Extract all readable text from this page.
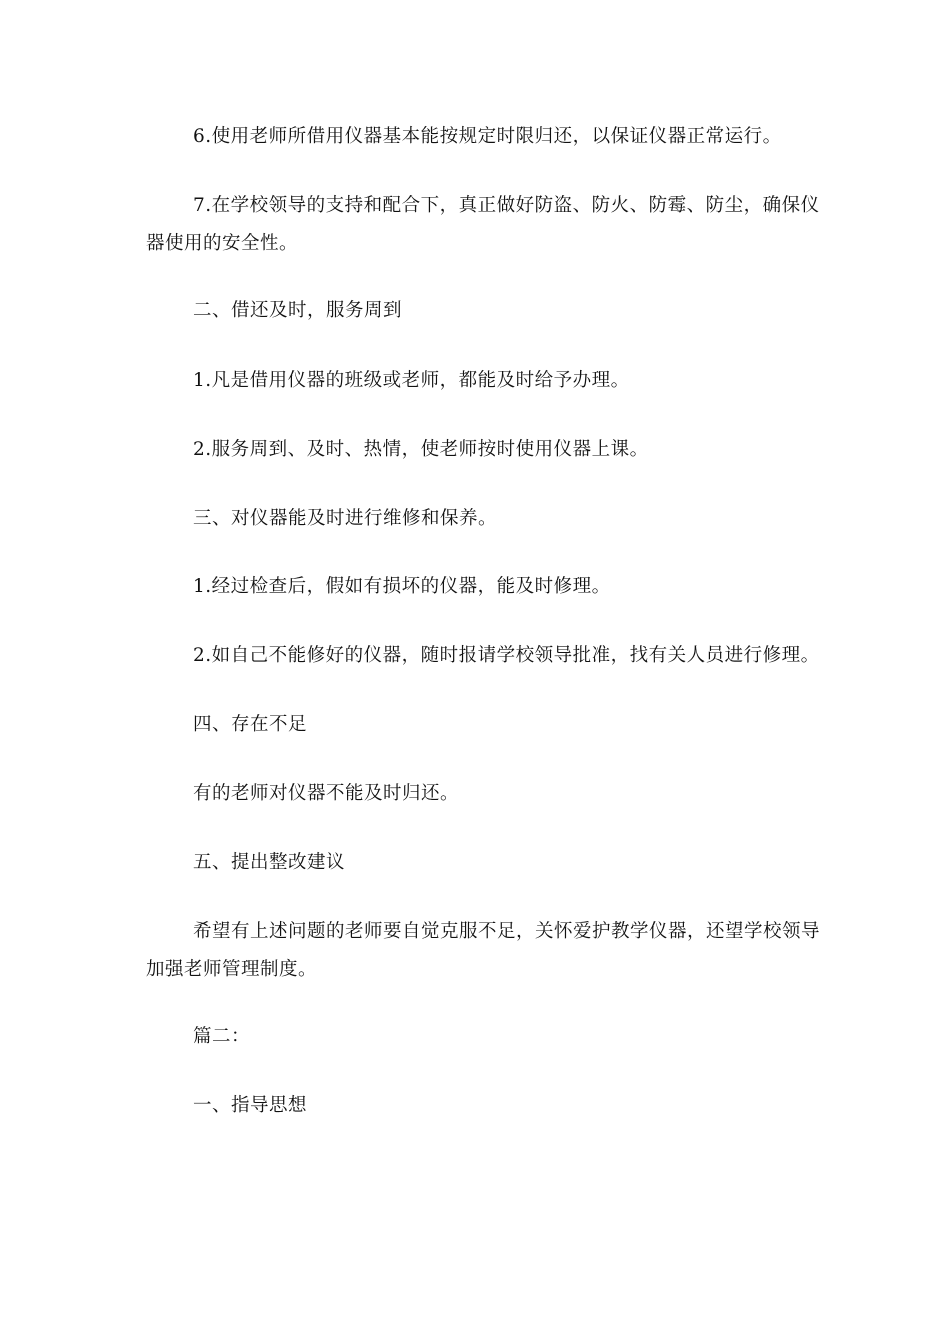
6.使用老师所借用仪器基本能按规定时限归还，以保证仪器正常运行。

7.在学校领导的支持和配合下，真正做好防盗、防火、防霉、防尘，确保仪器使用的安全性。

二、借还及时，服务周到

1.凡是借用仪器的班级或老师，都能及时给予办理。

2.服务周到、及时、热情，使老师按时使用仪器上课。

三、对仪器能及时进行维修和保养。

1.经过检查后，假如有损坏的仪器，能及时修理。

2.如自己不能修好的仪器，随时报请学校领导批准，找有关人员进行修理。

四、存在不足

有的老师对仪器不能及时归还。

五、提出整改建议

希望有上述问题的老师要自觉克服不足，关怀爱护教学仪器，还望学校领导加强老师管理制度。

篇二：

一、指导思想
